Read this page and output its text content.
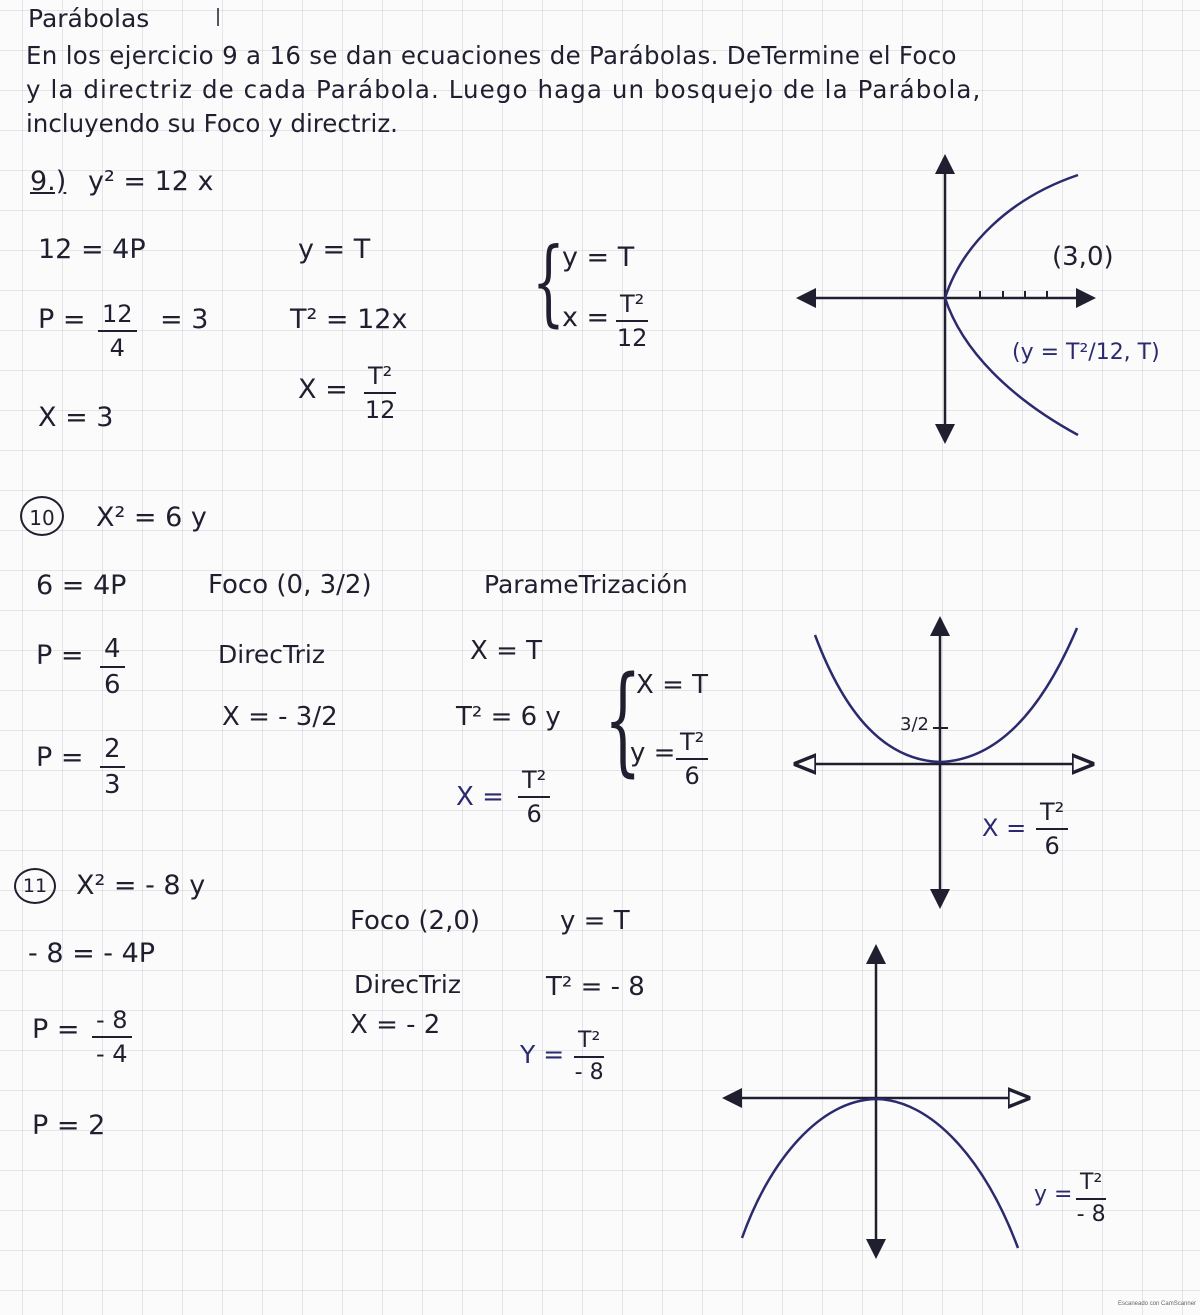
Parábolas
En los ejercicio 9 a 16 se dan ecuaciones de Parábolas. DeTermine el Foco
y la directriz de cada Parábola. Luego haga un bosquejo de la Parábola,
incluyendo su Foco y directriz.
9.) y² = 12 x
12 = 4P
$P = \frac{12}{4} = 3$
X = 3
y = T
T² = 12x
$X = \frac{\text{T²}}{12}$
{
y = T
$x = \frac{\text{T²}}{12}$
(3,0)
(y = T²/12, T)
10	X² = 6 y
6 = 4P	Foco (0, 3/2)	ParameTrización
$P = \frac{4}{6}$	DirecTriz
X = - 3/2
$P = \frac{2}{3}$
X = T
T² = 6 y
$X = \frac{\text{T²}}{6}$
{
X = T
$y = \frac{\text{T²}}{6}$
3/2
$X = \frac{\text{T²}}{6}$
11	X² = - 8 y
- 8 = - 4P
Foco (2,0)	y = T
DirecTriz	T² = - 8
X = - 2
$P = \frac{- 8}{- 4}$	$Y = \frac{\text{T²}}{- 8}$
P = 2
$y = \frac{\text{T²}}{- 8}$
Escaneado con CamScanner
